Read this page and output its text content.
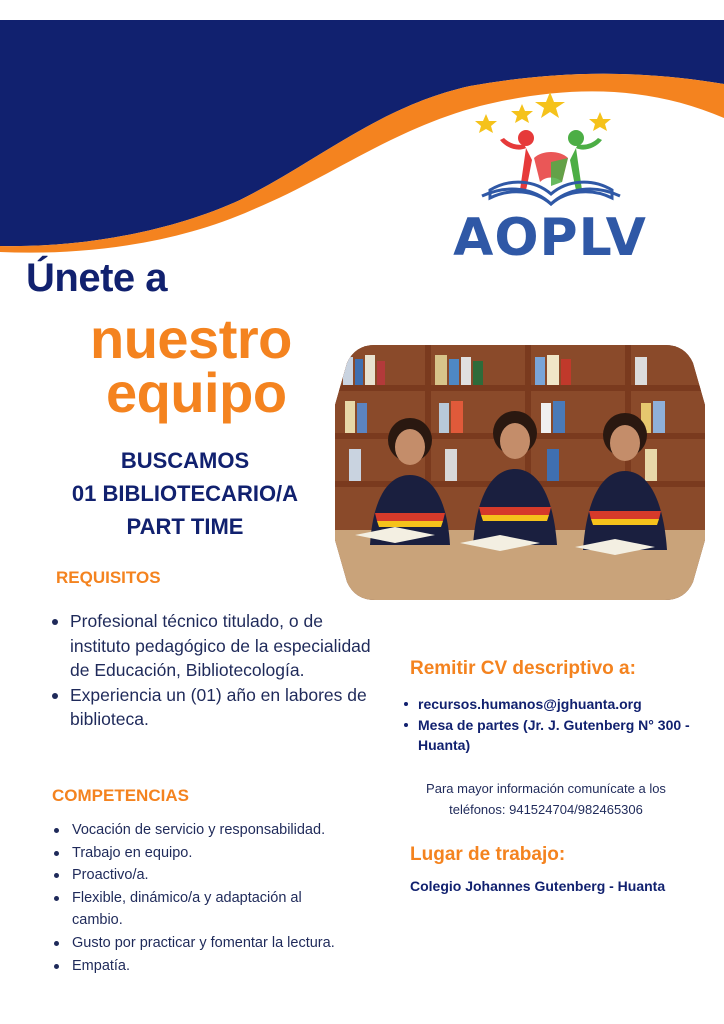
AOPLV
Únete a
nuestro
equipo
BUSCAMOS
01 BIBLIOTECARIO/A
PART TIME
REQUISITOS
Profesional técnico titulado, o de instituto pedagógico de la especialidad de Educación, Bibliotecología.
Experiencia un (01) año en labores de biblioteca.
COMPETENCIAS
Vocación de servicio y responsabilidad.
Trabajo en equipo.
Proactivo/a.
Flexible, dinámico/a y adaptación al cambio.
Gusto por practicar y fomentar la lectura.
Empatía.
Remitir CV descriptivo a:
recursos.humanos@jghuanta.org
Mesa de partes (Jr. J. Gutenberg N° 300 - Huanta)
Para mayor información comunícate a los teléfonos: 941524704/982465306
Lugar de trabajo:
Colegio Johannes Gutenberg - Huanta
